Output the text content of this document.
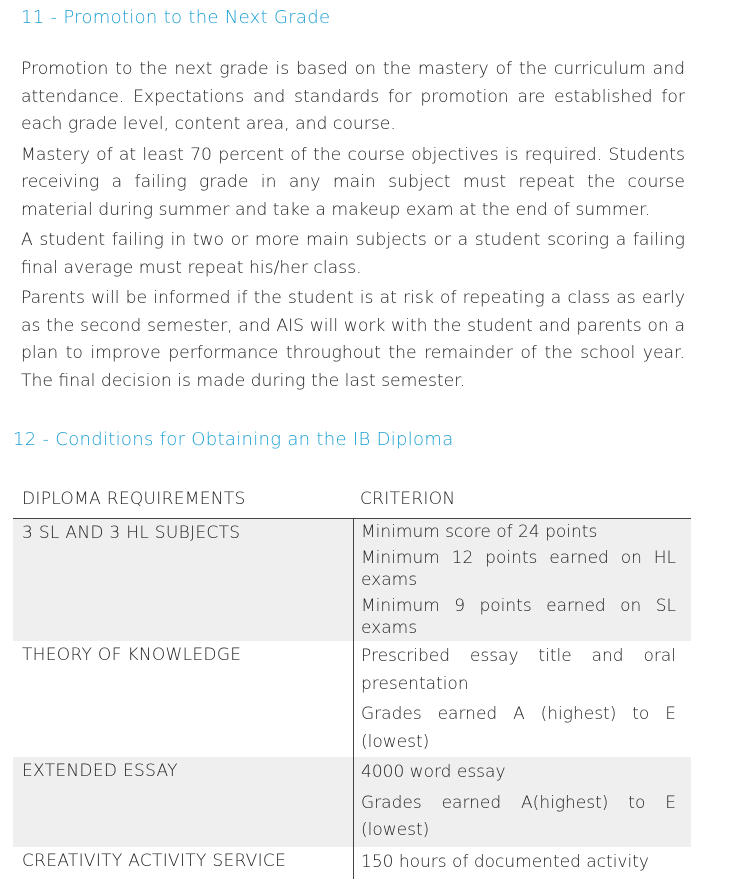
11 - Promotion to the Next Grade

Promotion to the next grade is based on the mastery of the curriculum and attendance. Expectations and standards for promotion are established for each grade level, content area, and course.

Mastery of at least 70 percent of the course objectives is required. Students receiving a failing grade in any main subject must repeat the course material during summer and take a makeup exam at the end of summer.

A student failing in two or more main subjects or a student scoring a failing final average must repeat his/her class.

Parents will be informed if the student is at risk of repeating a class as early as the second semester, and AIS will work with the student and parents on a plan to improve performance throughout the remainder of the school year. The final decision is made during the last semester.

12 - Conditions for Obtaining an the IB Diploma
DIPLOMA REQUIREMENTS	CRITERION
3 SL AND 3 HL SUBJECTS	Minimum score of 24 points
Minimum 12 points earned on HL exams
Minimum 9 points earned on SL exams
THEORY OF KNOWLEDGE	Prescribed essay title and oral presentation
Grades earned A (highest) to E (lowest)
EXTENDED ESSAY	4000 word essay
Grades earned A(highest) to E (lowest)
CREATIVITY ACTIVITY SERVICE	150 hours of documented activity
